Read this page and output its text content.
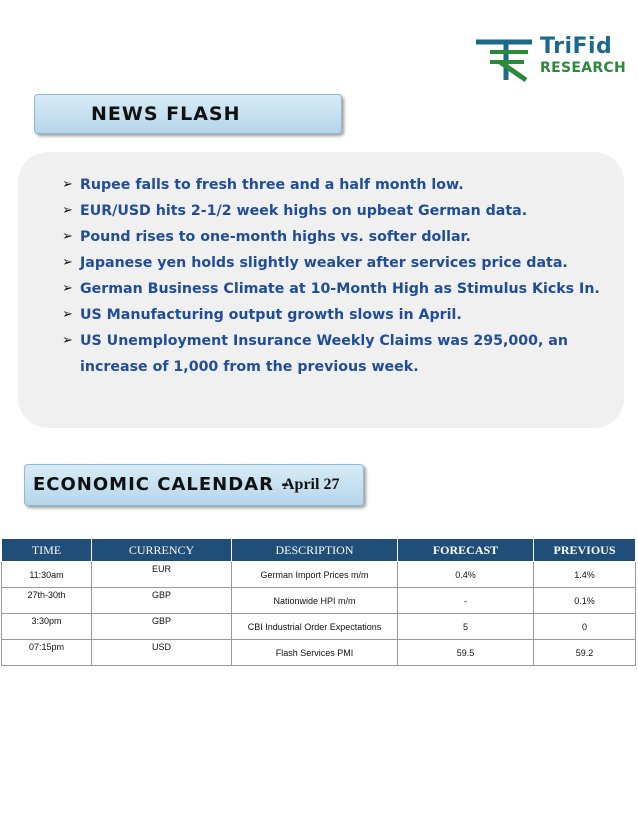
TriFid
RESEARCH
NEWS FLASH
➢ Rupee falls to fresh three and a half month low.
➢ EUR/USD hits 2-1/2 week highs on upbeat German data.
➢ Pound rises to one-month highs vs. softer dollar.
➢ Japanese yen holds slightly weaker after services price data.
➢ German Business Climate at 10-Month High as Stimulus Kicks In.
➢ US Manufacturing output growth slows in April.
➢ US Unemployment Insurance Weekly Claims was 295,000, an increase of 1,000 from the previous week.
ECONOMIC CALENDAR -
April 27
TIME	CURRENCY	DESCRIPTION	FORECAST	PREVIOUS
11:30am	EUR	German Import Prices m/m	0.4%	1.4%
27th-30th	GBP	Nationwide HPI m/m	-	0.1%
3:30pm	GBP	CBI Industrial Order Expectations	5	0
07:15pm	USD	Flash Services PMI	59.5	59.2
